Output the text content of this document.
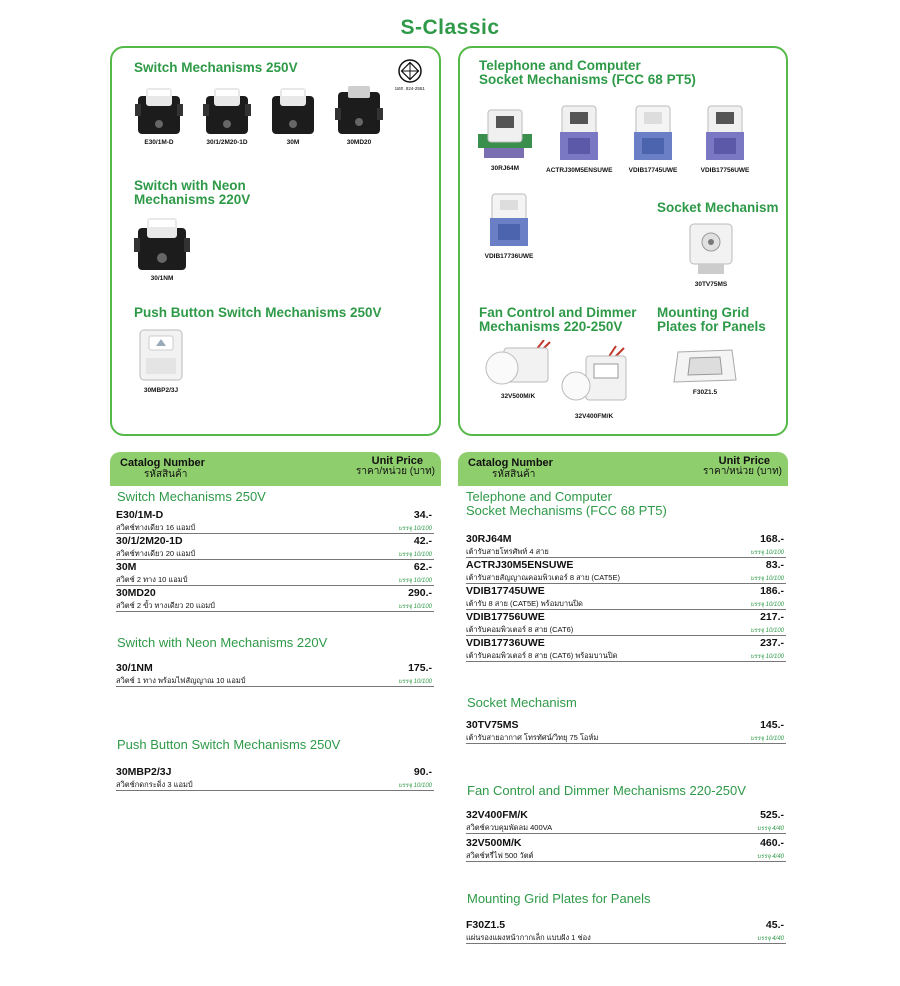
S-Classic
Switch Mechanisms 250V
มอก. 824-2551
E30/1M-D	30/1/2M20-1D	30M	30MD20
Switch with Neon
Mechanisms 220V
30/1NM
Push Button Switch Mechanisms 250V
30MBP2/3J
Telephone and Computer
Socket Mechanisms (FCC 68 PT5)
30RJ64M	ACTRJ30M5ENSUWE VDIB17745UWE	VDIB17756UWE
VDIB17736UWE
Socket Mechanism
30TV75MS
Fan Control and Dimmer
Mechanisms 220-250V
Mounting Grid
Plates for Panels
32V500M/K
32V400FM/K
F30Z1.5
Catalog Number
รหัสสินค้า
Unit Price
ราคา/หน่วย (บาท)
Switch Mechanisms 250V
E30/1M-D
สวิตช์ทางเดียว 16 แอมป์
34.-
บรรจุ 10/100
30/1/2M20-1D
สวิตช์ทางเดียว 20 แอมป์
42.-
บรรจุ 10/100
30M
สวิตช์ 2 ทาง 10 แอมป์
62.-
บรรจุ 10/100
30MD20
สวิตช์ 2 ขั้ว ทางเดียว 20 แอมป์
290.-
บรรจุ 10/100
Switch with Neon Mechanisms 220V
30/1NM
สวิตช์ 1 ทาง พร้อมไฟสัญญาณ 10 แอมป์
175.-
บรรจุ 10/100
Push Button Switch Mechanisms 250V
30MBP2/3J
สวิตช์กดกระดิ่ง 3 แอมป์
90.-
บรรจุ 10/100
Catalog Number
รหัสสินค้า
Unit Price
ราคา/หน่วย (บาท)
Telephone and Computer
Socket Mechanisms (FCC 68 PT5)
30RJ64M
เต้ารับสายโทรศัพท์ 4 สาย
168.-
บรรจุ 10/100
ACTRJ30M5ENSUWE
เต้ารับสายสัญญาณคอมพิวเตอร์ 8 สาย (CAT5E)
83.-
บรรจุ 10/100
VDIB17745UWE
เต้ารับ 8 สาย (CAT5E) พร้อมบานปิด
186.-
บรรจุ 10/100
VDIB17756UWE
เต้ารับคอมพิวเตอร์ 8 สาย (CAT6)
217.-
บรรจุ 10/100
VDIB17736UWE
เต้ารับคอมพิวเตอร์ 8 สาย (CAT6) พร้อมบานปิด
237.-
บรรจุ 10/100
Socket Mechanism
30TV75MS
เต้ารับสายอากาศ โทรทัศน์/วิทยุ 75 โอห์ม
145.-
บรรจุ 10/100
Fan Control and Dimmer Mechanisms 220-250V
32V400FM/K
สวิตช์ควบคุมพัดลม 400VA
525.-
บรรจุ 4/40
32V500M/K
สวิตช์หรี่ไฟ 500 วัตต์
460.-
บรรจุ 4/40
Mounting Grid Plates for Panels
F30Z1.5
แผ่นรองแผงหน้ากากเล็ก แบบฝัง 1 ช่อง
45.-
บรรจุ 4/40
